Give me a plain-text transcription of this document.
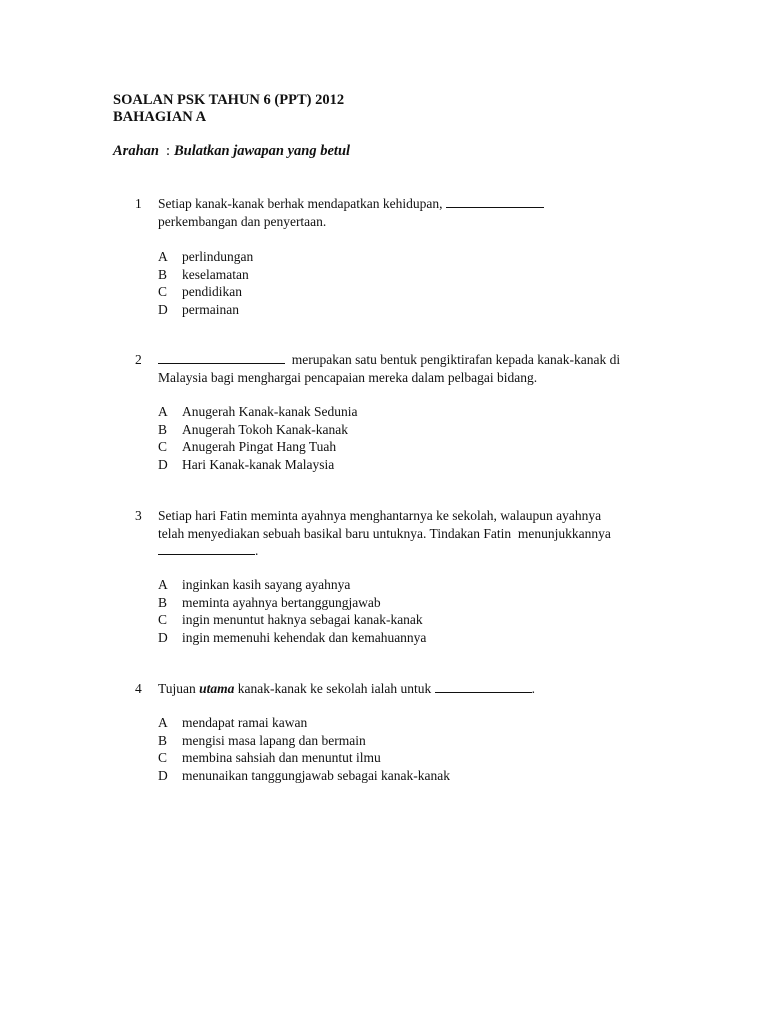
SOALAN PSK TAHUN 6 (PPT) 2012
BAHAGIAN A
Arahan : Bulatkan jawapan yang betul
1 Setiap kanak-kanak berhak mendapatkan kehidupan,
perkembangan dan penyertaan.
A perlindungan
B keselamatan
C pendidikan
D permainan
2	merupakan satu bentuk pengiktirafan kepada kanak-kanak di
Malaysia bagi menghargai pencapaian mereka dalam pelbagai bidang.
A Anugerah Kanak-kanak Sedunia
B Anugerah Tokoh Kanak-kanak
C Anugerah Pingat Hang Tuah
D Hari Kanak-kanak Malaysia
3 Setiap hari Fatin meminta ayahnya menghantarnya ke sekolah, walaupun ayahnya
telah menyediakan sebuah basikal baru untuknya. Tindakan Fatin  menunjukkannya
.
A inginkan kasih sayang ayahnya
B meminta ayahnya bertanggungjawab
C ingin menuntut haknya sebagai kanak-kanak
D ingin memenuhi kehendak dan kemahuannya
4 Tujuan utama kanak-kanak ke sekolah ialah untuk	.
A mendapat ramai kawan
B mengisi masa lapang dan bermain
C membina sahsiah dan menuntut ilmu
D menunaikan tanggungjawab sebagai kanak-kanak
